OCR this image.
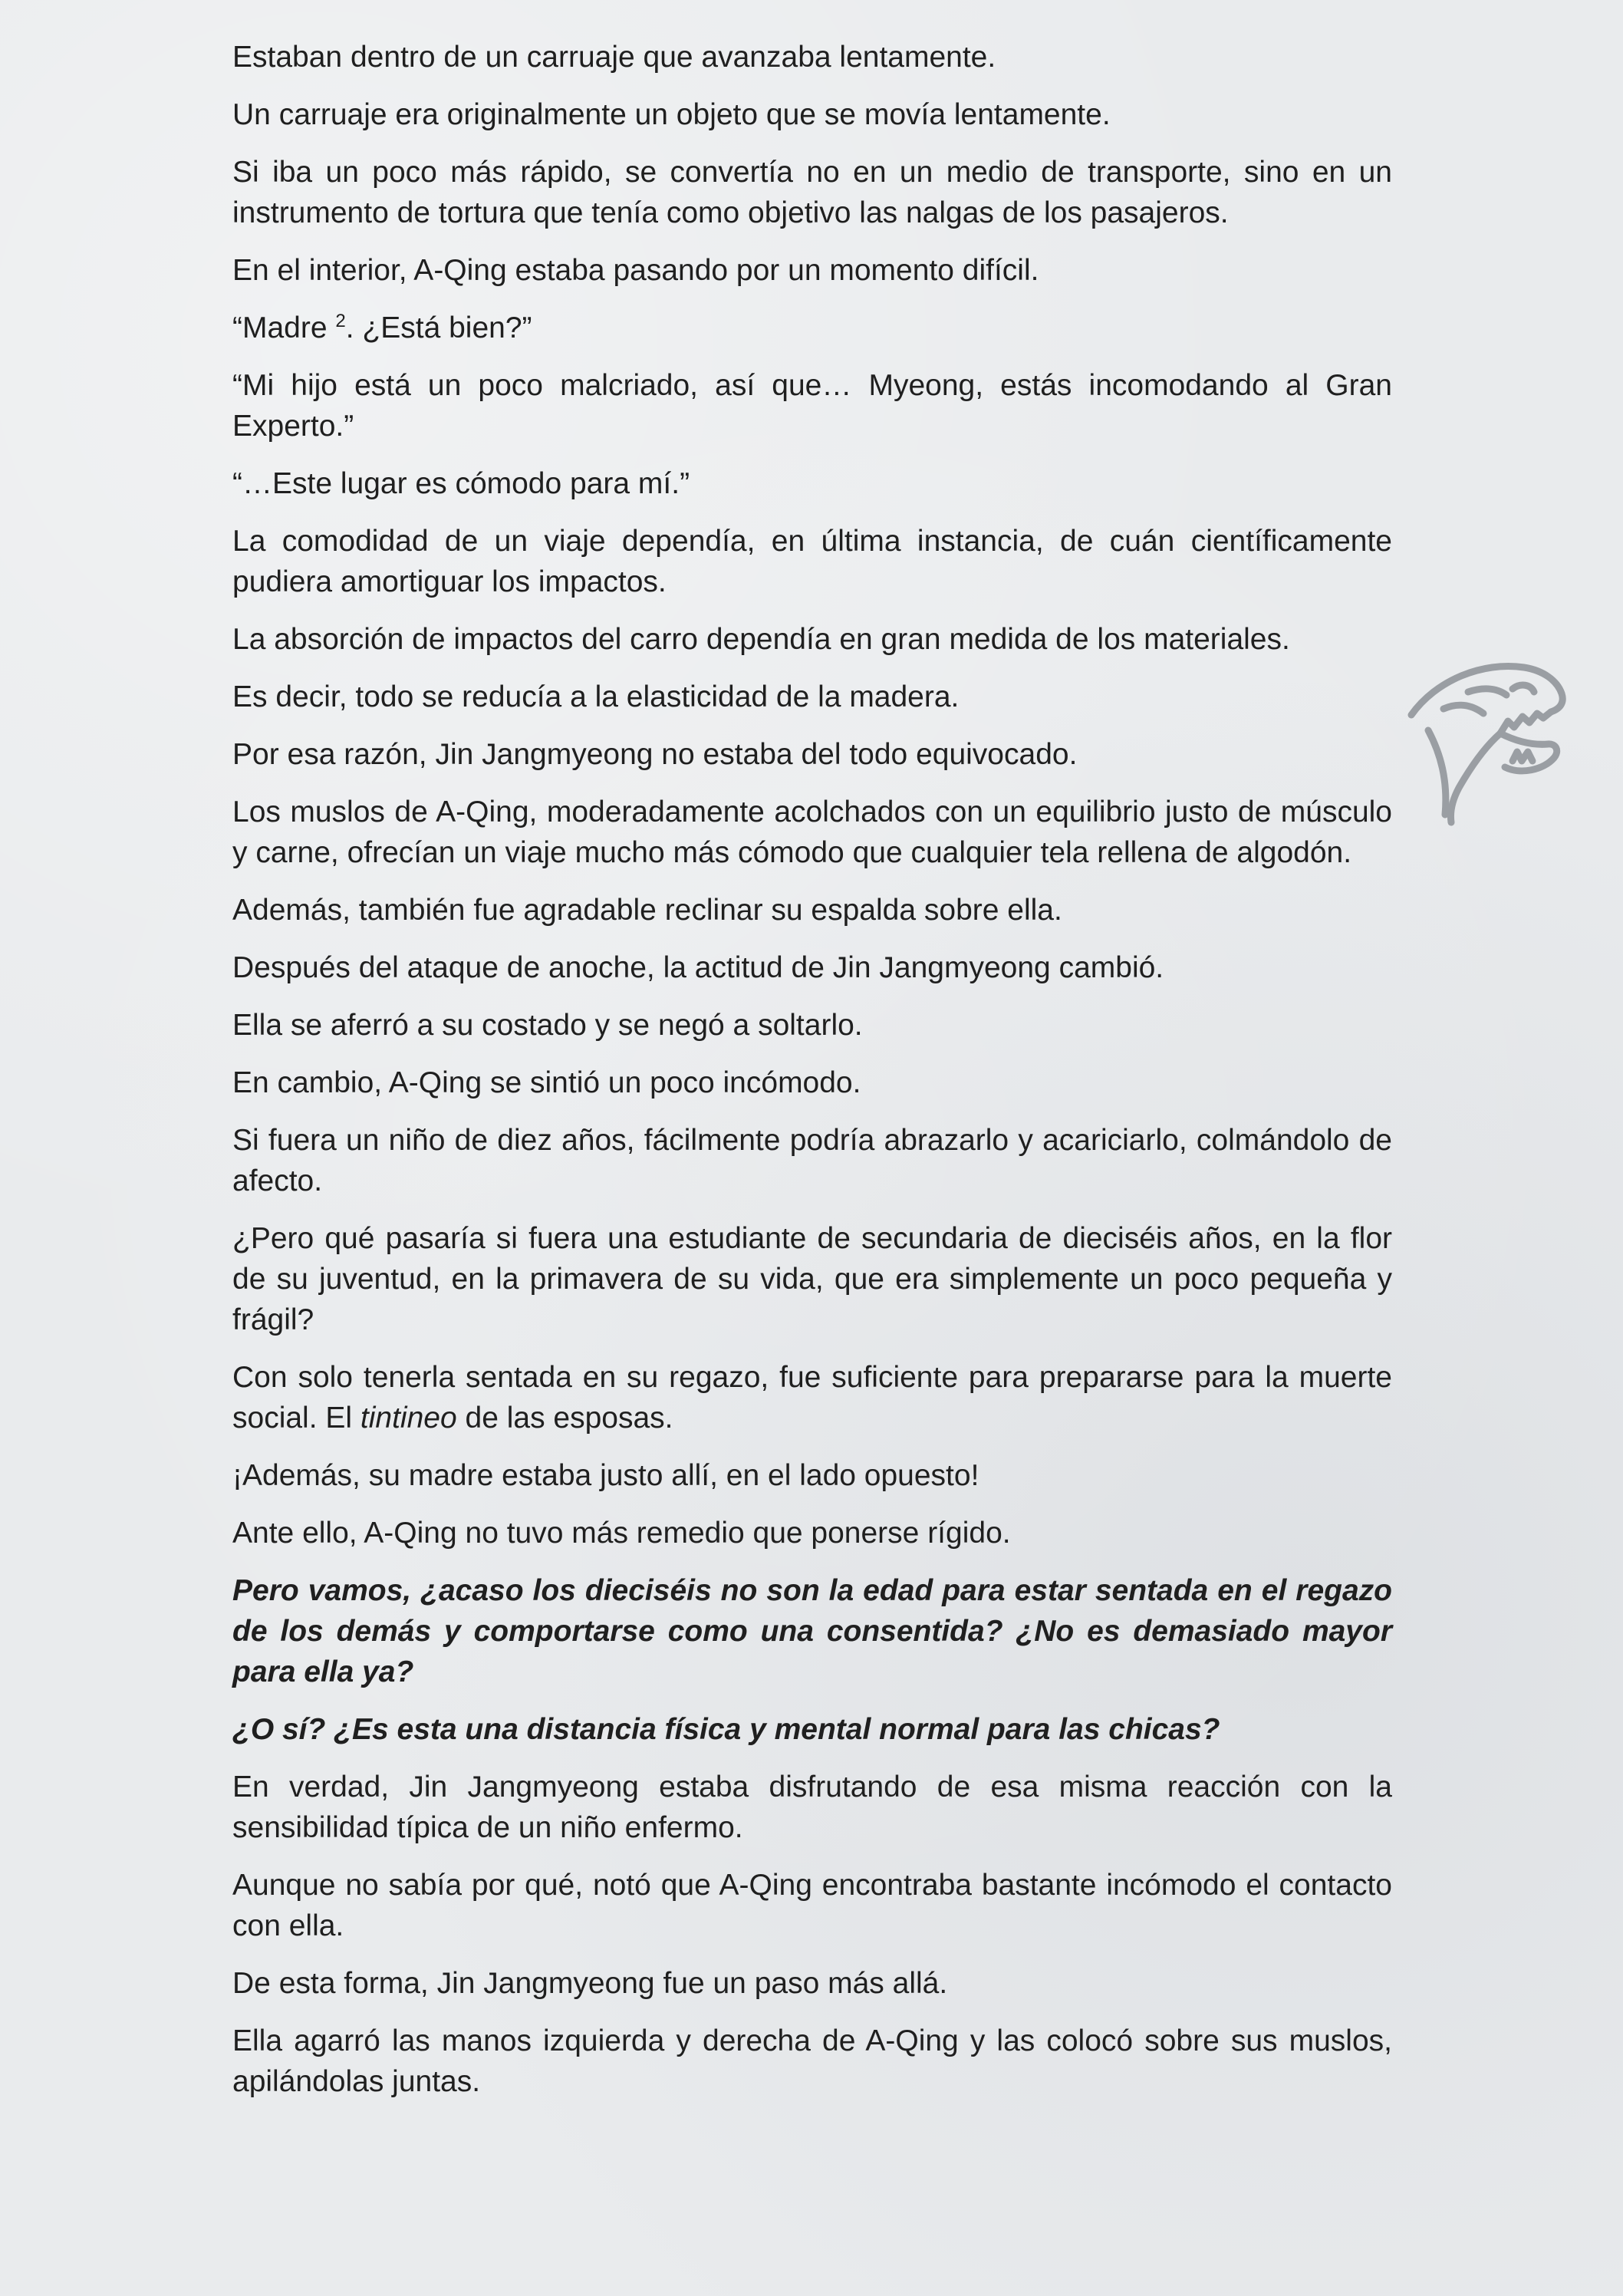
Estaban dentro de un carruaje que avanzaba lentamente.

Un carruaje era originalmente un objeto que se movía lentamente.

Si iba un poco más rápido, se convertía no en un medio de transporte, sino en un instrumento de tortura que tenía como objetivo las nalgas de los pasajeros.

En el interior, A-Qing estaba pasando por un momento difícil.

“Madre $^2$. ¿Está bien?”

“Mi hijo está un poco malcriado, así que… Myeong, estás incomodando al Gran Experto.”

“…Este lugar es cómodo para mí.”

La comodidad de un viaje dependía, en última instancia, de cuán científicamente pudiera amortiguar los impactos.

La absorción de impactos del carro dependía en gran medida de los materiales.

Es decir, todo se reducía a la elasticidad de la madera.

Por esa razón, Jin Jangmyeong no estaba del todo equivocado.

Los muslos de A-Qing, moderadamente acolchados con un equilibrio justo de músculo y carne, ofrecían un viaje mucho más cómodo que cualquier tela rellena de algodón.

Además, también fue agradable reclinar su espalda sobre ella.

Después del ataque de anoche, la actitud de Jin Jangmyeong cambió.

Ella se aferró a su costado y se negó a soltarlo.

En cambio, A-Qing se sintió un poco incómodo.

Si fuera un niño de diez años, fácilmente podría abrazarlo y acariciarlo, colmándolo de afecto.

¿Pero qué pasaría si fuera una estudiante de secundaria de dieciséis años, en la flor de su juventud, en la primavera de su vida, que era simplemente un poco pequeña y frágil?

Con solo tenerla sentada en su regazo, fue suficiente para prepararse para la muerte social. El tintineo de las esposas.

¡Además, su madre estaba justo allí, en el lado opuesto!

Ante ello, A-Qing no tuvo más remedio que ponerse rígido.

Pero vamos, ¿acaso los dieciséis no son la edad para estar sentada en el regazo de los demás y comportarse como una consentida? ¿No es demasiado mayor para ella ya?

¿O sí? ¿Es esta una distancia física y mental normal para las chicas?

En verdad, Jin Jangmyeong estaba disfrutando de esa misma reacción con la sensibilidad típica de un niño enfermo.

Aunque no sabía por qué, notó que A-Qing encontraba bastante incómodo el contacto con ella.

De esta forma, Jin Jangmyeong fue un paso más allá.

Ella agarró las manos izquierda y derecha de A-Qing y las colocó sobre sus muslos, apilándolas juntas.
